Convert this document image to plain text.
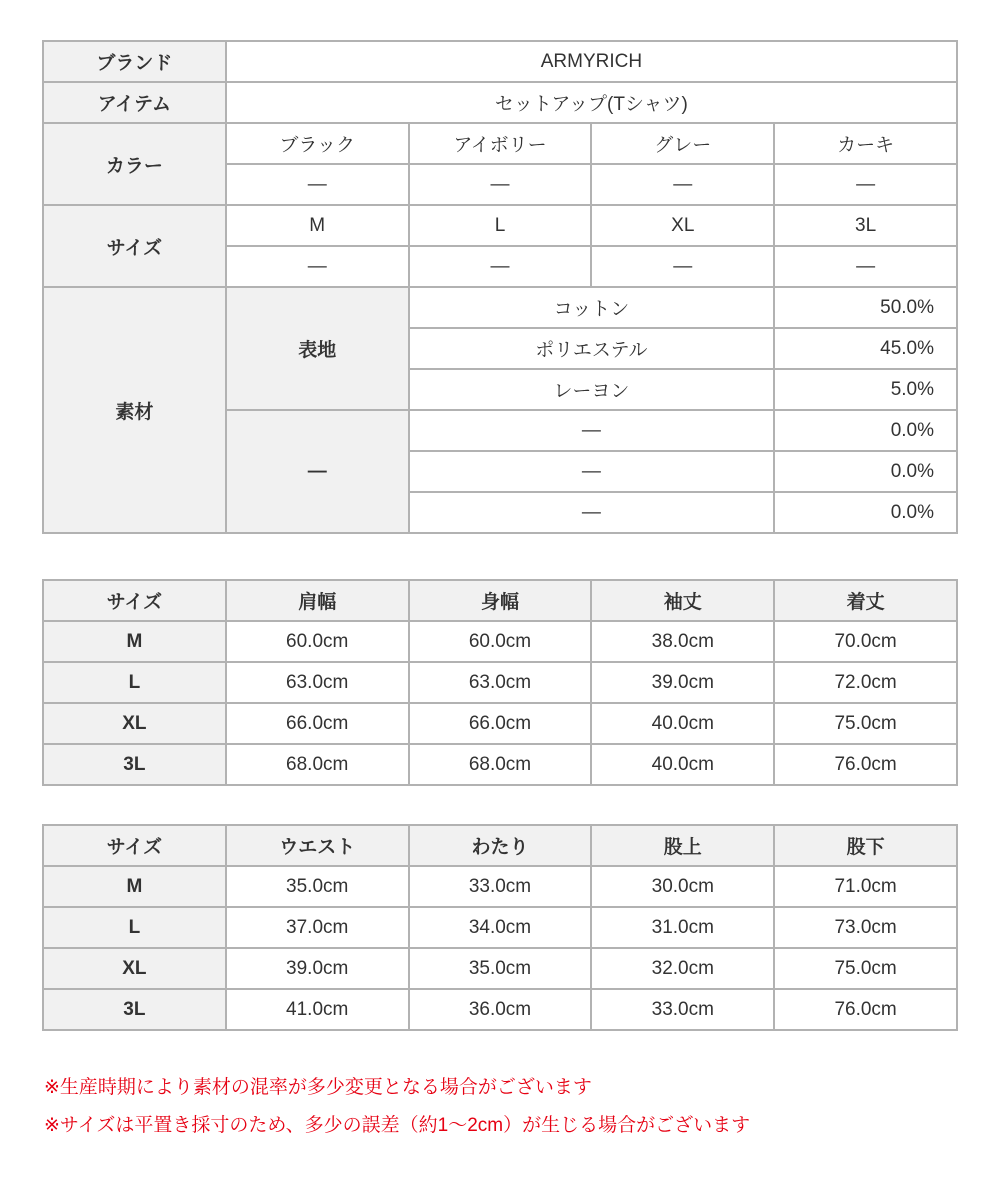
ブランド	ARMYRICH			
アイテム	セットアップ(Tシャツ)			
カラー	ブラック	アイボリー	グレー	カーキ
	—	—	—	—
サイズ	M	L	XL	3L
	—	—	—	—
素材	表地	コットン		50.0%
		ポリエステル		45.0%
		レーヨン		5.0%
	—	—		0.0%
		—		0.0%
		—		0.0%
サイズ	肩幅	身幅	袖丈	着丈
M	60.0cm	60.0cm	38.0cm	70.0cm
L	63.0cm	63.0cm	39.0cm	72.0cm
XL	66.0cm	66.0cm	40.0cm	75.0cm
3L	68.0cm	68.0cm	40.0cm	76.0cm
サイズ	ウエスト	わたり	股上	股下
M	35.0cm	33.0cm	30.0cm	71.0cm
L	37.0cm	34.0cm	31.0cm	73.0cm
XL	39.0cm	35.0cm	32.0cm	75.0cm
3L	41.0cm	36.0cm	33.0cm	76.0cm

※生産時期により素材の混率が多少変更となる場合がございます

※サイズは平置き採寸のため、多少の誤差（約1〜2cm）が生じる場合がございます
